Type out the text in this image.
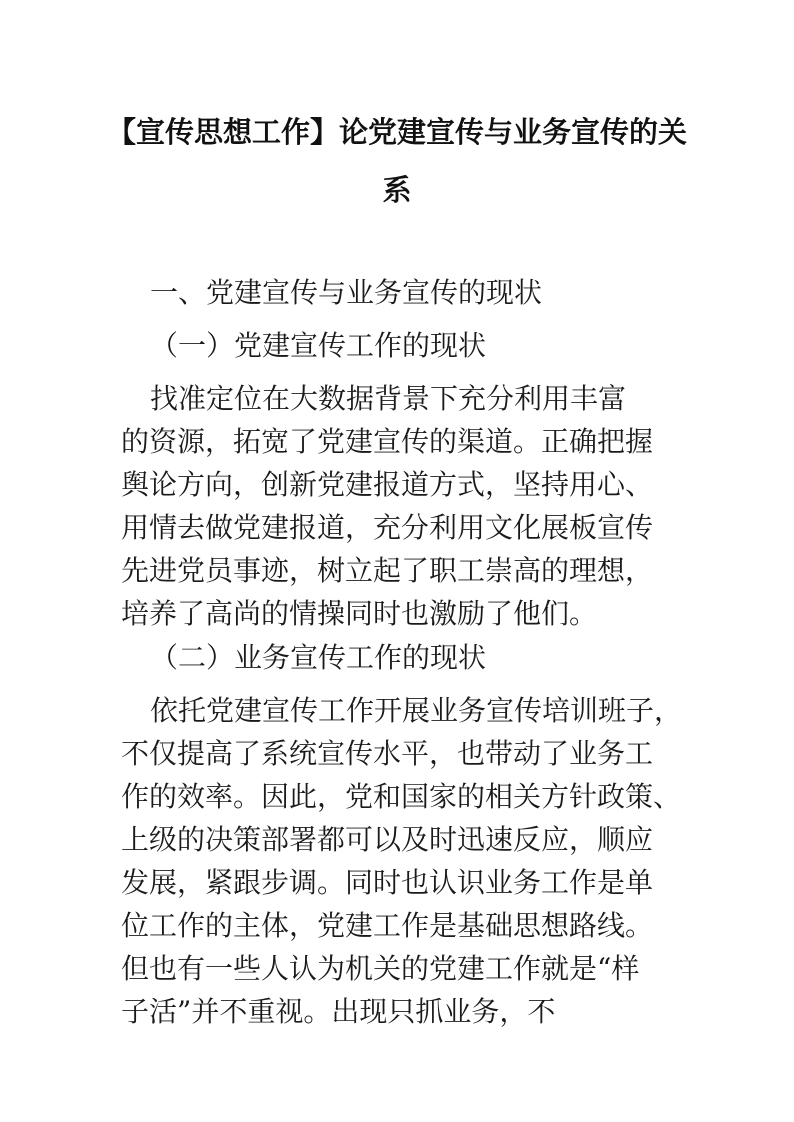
【宣传思想工作】论党建宣传与业务宣传的关系
一、党建宣传与业务宣传的现状
（一）党建宣传工作的现状
找准定位在大数据背景下充分利用丰富
的资源，拓宽了党建宣传的渠道。正确把握
舆论方向，创新党建报道方式，坚持用心、
用情去做党建报道，充分利用文化展板宣传
先进党员事迹，树立起了职工崇高的理想，
培养了高尚的情操同时也激励了他们。
（二）业务宣传工作的现状
依托党建宣传工作开展业务宣传培训班子，
不仅提高了系统宣传水平，也带动了业务工
作的效率。因此，党和国家的相关方针政策、
上级的决策部署都可以及时迅速反应，顺应
发展，紧跟步调。同时也认识业务工作是单
位工作的主体，党建工作是基础思想路线。
但也有一些人认为机关的党建工作就是“样
子活”并不重视。出现只抓业务，不
